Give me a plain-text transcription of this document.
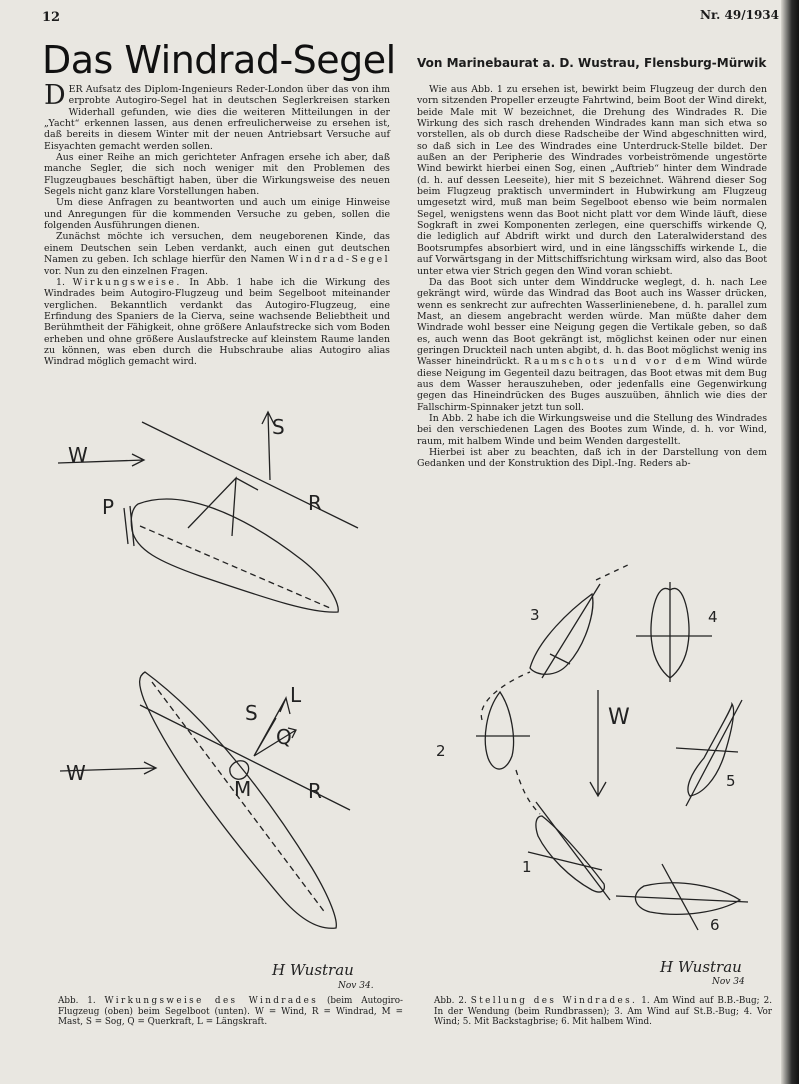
12	Nr. 49/1934
Das Windrad-Segel Von Marinebaurat a. D. Wustrau, Flensburg-Mürwik

DER Aufsatz des Diplom-Ingenieurs Reder-London über das von ihm erprobte Autogiro-Segel hat in deutschen Seglerkreisen starken Widerhall gefunden, wie dies die weiteren Mitteilungen in der „Yacht“ erkennen lassen, aus denen erfreulicherweise zu ersehen ist, daß bereits in diesem Winter mit der neuen Antriebsart Versuche auf Eisyachten gemacht werden sollen.

Aus einer Reihe an mich gerichteter Anfragen ersehe ich aber, daß manche Segler, die sich noch weniger mit den Problemen des Flugzeugbaues beschäftigt haben, über die Wirkungsweise des neuen Segels nicht ganz klare Vorstellungen haben.

Um diese Anfragen zu beantworten und auch um einige Hinweise und Anregungen für die kommenden Versuche zu geben, sollen die folgenden Ausführungen dienen.

Zunächst möchte ich versuchen, dem neugeborenen Kinde, das einem Deutschen sein Leben verdankt, auch einen gut deutschen Namen zu geben. Ich schlage hierfür den Namen Windrad-Segel vor. Nun zu den einzelnen Fragen.

1. Wirkungsweise. In Abb. 1 habe ich die Wirkung des Windrades beim Autogiro-Flugzeug und beim Segelboot miteinander verglichen. Bekanntlich verdankt das Autogiro-Flugzeug, eine Erfindung des Spaniers de la Cierva, seine wachsende Beliebtheit und Berühmtheit der Fähigkeit, ohne größere Anlaufstrecke sich vom Boden erheben und ohne größere Auslaufstrecke auf kleinstem Raume landen zu können, was eben durch die Hubschraube alias Autogiro alias Windrad möglich gemacht wird.

Wie aus Abb. 1 zu ersehen ist, bewirkt beim Flugzeug der durch den vorn sitzenden Propeller erzeugte Fahrtwind, beim Boot der Wind direkt, beide Male mit W bezeichnet, die Drehung des Windrades R. Die Wirkung des sich rasch drehenden Windrades kann man sich etwa so vorstellen, als ob durch diese Radscheibe der Wind abgeschnitten wird, so daß sich in Lee des Windrades eine Unterdruck-Stelle bildet. Der außen an der Peripherie des Windrades vorbeiströmende ungestörte Wind bewirkt hierbei einen Sog, einen „Auftrieb“ hinter dem Windrade (d. h. auf dessen Leeseite), hier mit S bezeichnet. Während dieser Sog beim Flugzeug praktisch unvermindert in Hubwirkung am Flugzeug umgesetzt wird, muß man beim Segelboot ebenso wie beim normalen Segel, wenigstens wenn das Boot nicht platt vor dem Winde läuft, diese Sogkraft in zwei Komponenten zerlegen, eine querschiffs wirkende Q, die lediglich auf Abdrift wirkt und durch den Lateralwiderstand des Bootsrumpfes absorbiert wird, und in eine längsschiffs wirkende L, die auf Vorwärtsgang in der Mittschiffsrichtung wirksam wird, also das Boot unter etwa vier Strich gegen den Wind voran schiebt.

Da das Boot sich unter dem Winddrucke weglegt, d. h. nach Lee gekrängt wird, würde das Windrad das Boot auch ins Wasser drücken, wenn es senkrecht zur aufrechten Wasserlinienebene, d. h. parallel zum Mast, an diesem angebracht werden würde. Man müßte daher dem Windrade wohl besser eine Neigung gegen die Vertikale geben, so daß es, auch wenn das Boot gekrängt ist, möglichst keinen oder nur einen geringen Druckteil nach unten abgibt, d. h. das Boot möglichst wenig ins Wasser hineindrückt. Raumschots und vor dem Wind würde diese Neigung im Gegenteil dazu beitragen, das Boot etwas mit dem Bug aus dem Wasser herauszuheben, oder jedenfalls eine Gegenwirkung gegen das Hineindrücken des Buges auszuüben, ähnlich wie dies der Fallschirm-Spinnaker jetzt tun soll.

In Abb. 2 habe ich die Wirkungsweise und die Stellung des Windrades bei den verschiedenen Lagen des Bootes zum Winde, d. h. vor Wind, raum, mit halbem Winde und beim Wenden dargestellt.

Hierbei ist aber zu beachten, daß ich in der Darstellung von dem Gedanken und der Konstruktion des Dipl.-Ing. Reders ab-

S
W
R
P
W
S
L
Q
M	R
H Wustrau
Nov 34.
3	4
2
5
1
6
W
H Wustrau
Nov 34
Abb. 1. Wirkungsweise des Windrades (beim Autogiro-Flugzeug (oben) beim Segelboot (unten). W = Wind, R = Windrad, M = Mast, S = Sog, Q = Querkraft, L = Längskraft.
Abb. 2. Stellung des Windrades. 1. Am Wind auf B.B.-Bug; 2. In der Wendung (beim Rundbrassen); 3. Am Wind auf St.B.-Bug; 4. Vor Wind; 5. Mit Backstagbrise; 6. Mit halbem Wind.
